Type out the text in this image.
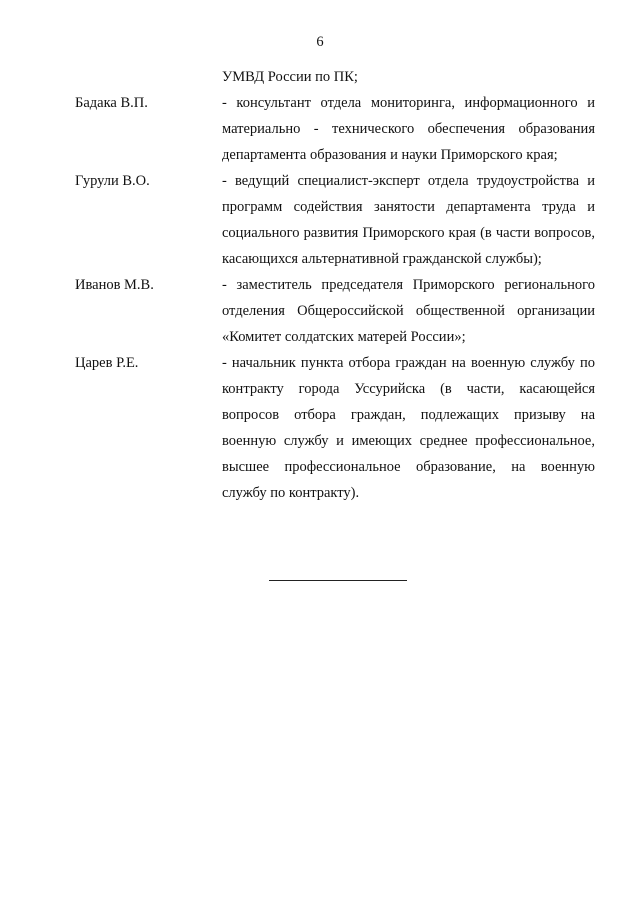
6
УМВД России по ПК;
Бадака В.П.	- консультант отдела мониторинга, информационного и материально - технического обеспечения образования департамента образования и науки Приморского края;
Гурули В.О.	- ведущий специалист-эксперт отдела трудоустройства и программ содействия занятости департамента труда и социального развития Приморского края (в части вопросов, касающихся альтернативной гражданской службы);
Иванов М.В.	- заместитель председателя Приморского регионального отделения Общероссийской общественной организации «Комитет солдатских матерей России»;
Царев Р.Е.	- начальник пункта отбора граждан на военную службу по контракту города Уссурийска (в части, касающейся вопросов отбора граждан, подлежащих призыву на военную службу и имеющих среднее профессиональное, высшее профессиональное образование, на военную службу по контракту).
